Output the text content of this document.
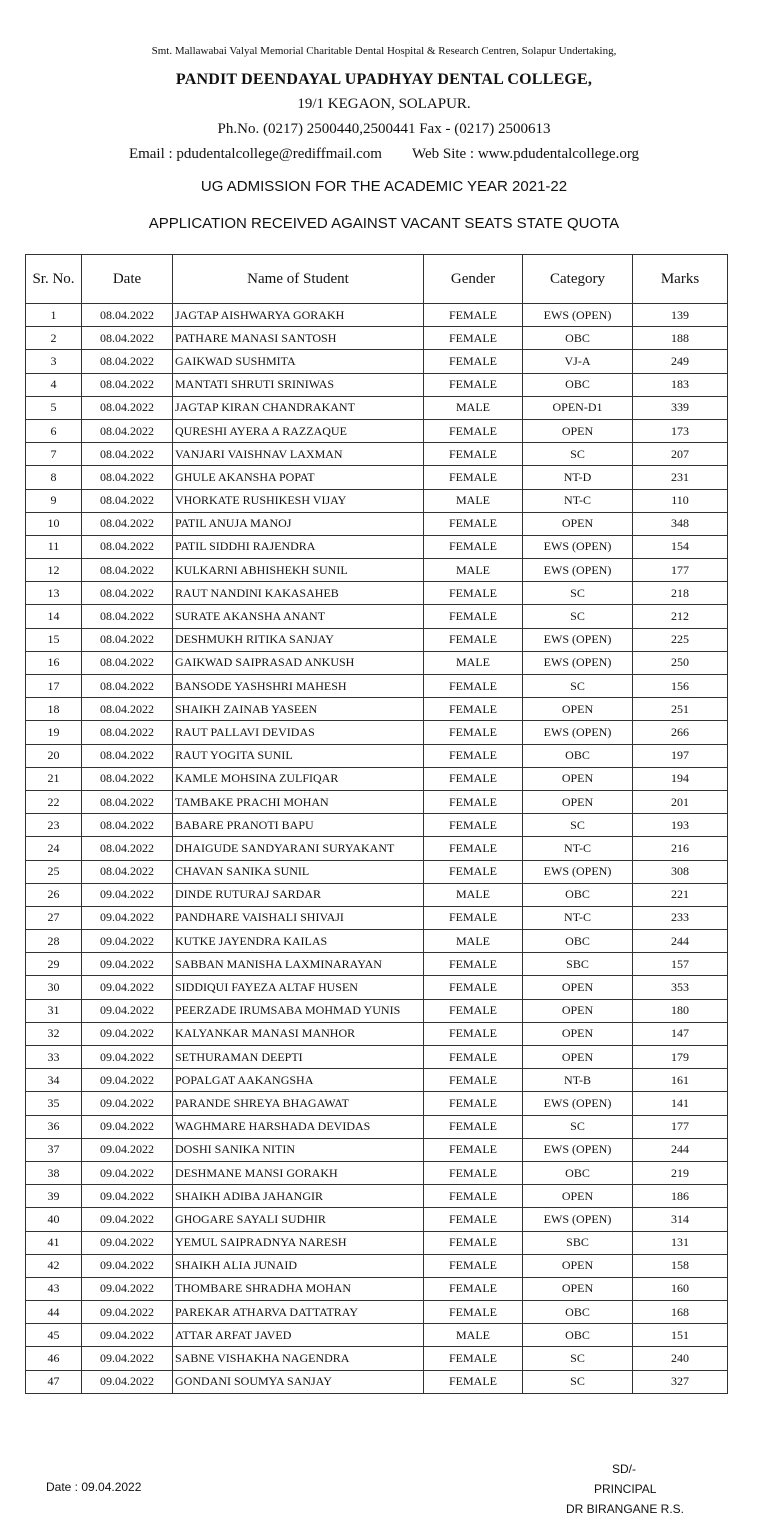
Smt. Mallawabai Valyal Memorial Charitable Dental Hospital & Research Centren, Solapur Undertaking,
PANDIT DEENDAYAL UPADHYAY DENTAL COLLEGE,
19/1 KEGAON, SOLAPUR.
Ph.No. (0217) 2500440,2500441 Fax - (0217) 2500613
Email : pdudentalcollege@rediffmail.com Web Site : www.pdudentalcollege.org
UG ADMISSION FOR THE ACADEMIC YEAR 2021-22
APPLICATION RECEIVED AGAINST VACANT SEATS STATE QUOTA
Sr. No.	Date	Name of Student	Gender	Category	Marks
1	08.04.2022	JAGTAP AISHWARYA GORAKH	FEMALE	EWS (OPEN)	139
2	08.04.2022	PATHARE MANASI SANTOSH	FEMALE	OBC	188
3	08.04.2022	GAIKWAD SUSHMITA	FEMALE	VJ-A	249
4	08.04.2022	MANTATI SHRUTI SRINIWAS	FEMALE	OBC	183
5	08.04.2022	JAGTAP KIRAN CHANDRAKANT	MALE	OPEN-D1	339
6	08.04.2022	QURESHI AYERA A RAZZAQUE	FEMALE	OPEN	173
7	08.04.2022	VANJARI VAISHNAV LAXMAN	FEMALE	SC	207
8	08.04.2022	GHULE AKANSHA POPAT	FEMALE	NT-D	231
9	08.04.2022	VHORKATE RUSHIKESH VIJAY	MALE	NT-C	110
10	08.04.2022	PATIL ANUJA MANOJ	FEMALE	OPEN	348
11	08.04.2022	PATIL SIDDHI RAJENDRA	FEMALE	EWS (OPEN)	154
12	08.04.2022	KULKARNI ABHISHEKH SUNIL	MALE	EWS (OPEN)	177
13	08.04.2022	RAUT NANDINI KAKASAHEB	FEMALE	SC	218
14	08.04.2022	SURATE AKANSHA ANANT	FEMALE	SC	212
15	08.04.2022	DESHMUKH RITIKA SANJAY	FEMALE	EWS (OPEN)	225
16	08.04.2022	GAIKWAD SAIPRASAD ANKUSH	MALE	EWS (OPEN)	250
17	08.04.2022	BANSODE YASHSHRI MAHESH	FEMALE	SC	156
18	08.04.2022	SHAIKH ZAINAB YASEEN	FEMALE	OPEN	251
19	08.04.2022	RAUT PALLAVI DEVIDAS	FEMALE	EWS (OPEN)	266
20	08.04.2022	RAUT YOGITA SUNIL	FEMALE	OBC	197
21	08.04.2022	KAMLE MOHSINA ZULFIQAR	FEMALE	OPEN	194
22	08.04.2022	TAMBAKE PRACHI MOHAN	FEMALE	OPEN	201
23	08.04.2022	BABARE PRANOTI BAPU	FEMALE	SC	193
24	08.04.2022	DHAIGUDE SANDYARANI SURYAKANT	FEMALE	NT-C	216
25	08.04.2022	CHAVAN SANIKA SUNIL	FEMALE	EWS (OPEN)	308
26	09.04.2022	DINDE RUTURAJ SARDAR	MALE	OBC	221
27	09.04.2022	PANDHARE VAISHALI SHIVAJI	FEMALE	NT-C	233
28	09.04.2022	KUTKE JAYENDRA KAILAS	MALE	OBC	244
29	09.04.2022	SABBAN MANISHA LAXMINARAYAN	FEMALE	SBC	157
30	09.04.2022	SIDDIQUI FAYEZA ALTAF HUSEN	FEMALE	OPEN	353
31	09.04.2022	PEERZADE IRUMSABA MOHMAD YUNIS	FEMALE	OPEN	180
32	09.04.2022	KALYANKAR MANASI MANHOR	FEMALE	OPEN	147
33	09.04.2022	SETHURAMAN DEEPTI	FEMALE	OPEN	179
34	09.04.2022	POPALGAT AAKANGSHA	FEMALE	NT-B	161
35	09.04.2022	PARANDE SHREYA BHAGAWAT	FEMALE	EWS (OPEN)	141
36	09.04.2022	WAGHMARE HARSHADA DEVIDAS	FEMALE	SC	177
37	09.04.2022	DOSHI SANIKA NITIN	FEMALE	EWS (OPEN)	244
38	09.04.2022	DESHMANE MANSI GORAKH	FEMALE	OBC	219
39	09.04.2022	SHAIKH ADIBA JAHANGIR	FEMALE	OPEN	186
40	09.04.2022	GHOGARE SAYALI SUDHIR	FEMALE	EWS (OPEN)	314
41	09.04.2022	YEMUL SAIPRADNYA NARESH	FEMALE	SBC	131
42	09.04.2022	SHAIKH ALIA JUNAID	FEMALE	OPEN	158
43	09.04.2022	THOMBARE SHRADHA MOHAN	FEMALE	OPEN	160
44	09.04.2022	PAREKAR ATHARVA DATTATRAY	FEMALE	OBC	168
45	09.04.2022	ATTAR ARFAT JAVED	MALE	OBC	151
46	09.04.2022	SABNE VISHAKHA NAGENDRA	FEMALE	SC	240
47	09.04.2022	GONDANI SOUMYA SANJAY	FEMALE	SC	327
Date : 09.04.2022
SD/-
PRINCIPAL
DR BIRANGANE R.S.
